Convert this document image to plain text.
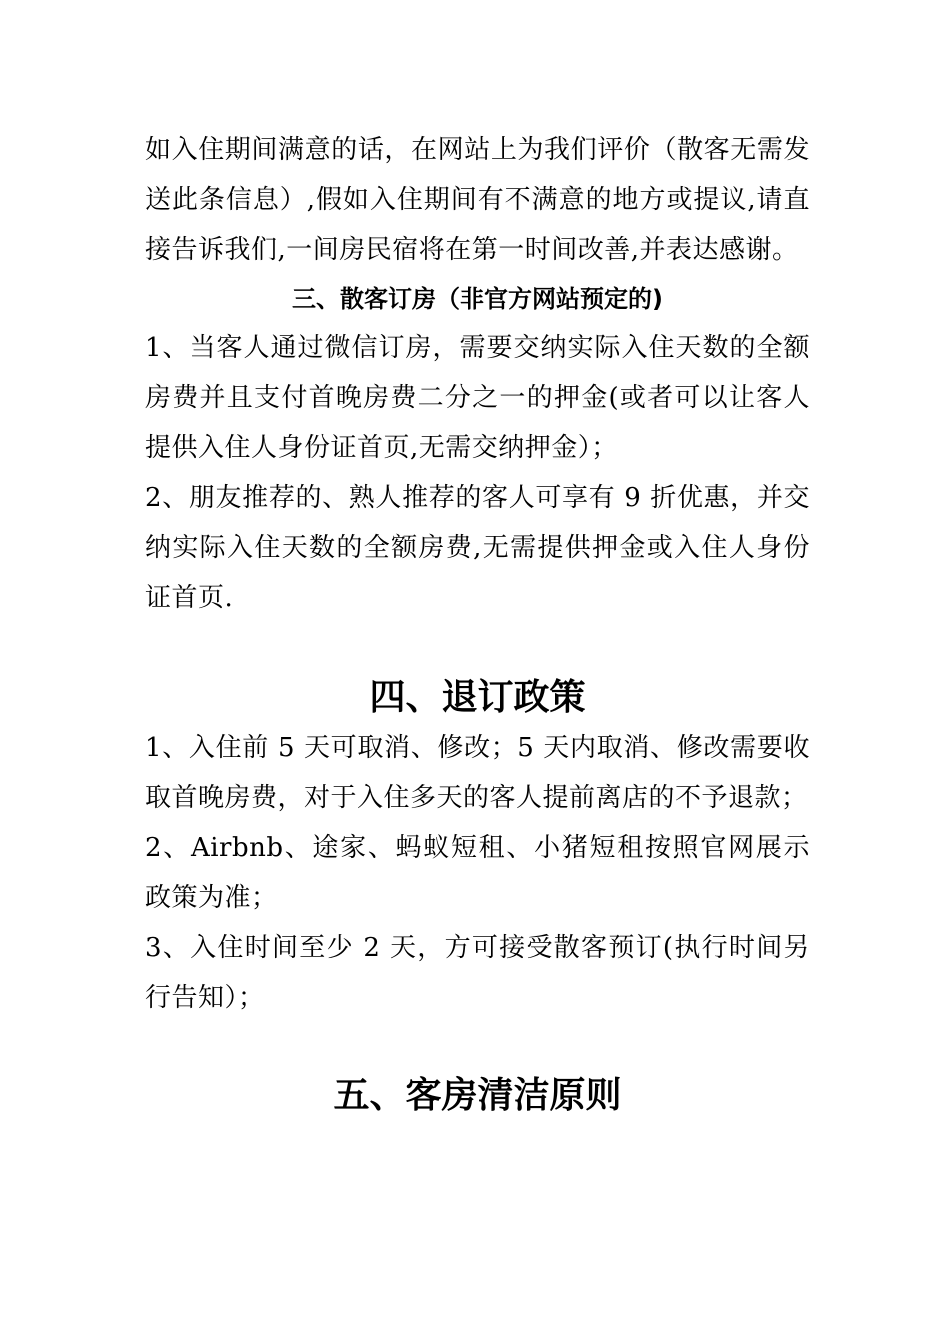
如入住期间满意的话，在网站上为我们评价（散客无需发送此条信息）,假如入住期间有不满意的地方或提议,请直接告诉我们,一间房民宿将在第一时间改善,并表达感谢。

三、散客订房（非官方网站预定的)

1、当客人通过微信订房，需要交纳实际入住天数的全额房费并且支付首晚房费二分之一的押金(或者可以让客人提供入住人身份证首页,无需交纳押金）；

2、朋友推荐的、熟人推荐的客人可享有 9 折优惠，并交纳实际入住天数的全额房费,无需提供押金或入住人身份证首页.

四、退订政策

1、入住前 5 天可取消、修改；5 天内取消、修改需要收取首晚房费，对于入住多天的客人提前离店的不予退款；

2、Airbnb、途家、蚂蚁短租、小猪短租按照官网展示政策为准；

3、入住时间至少 2 天，方可接受散客预订(执行时间另行告知）；

五、客房清洁原则
